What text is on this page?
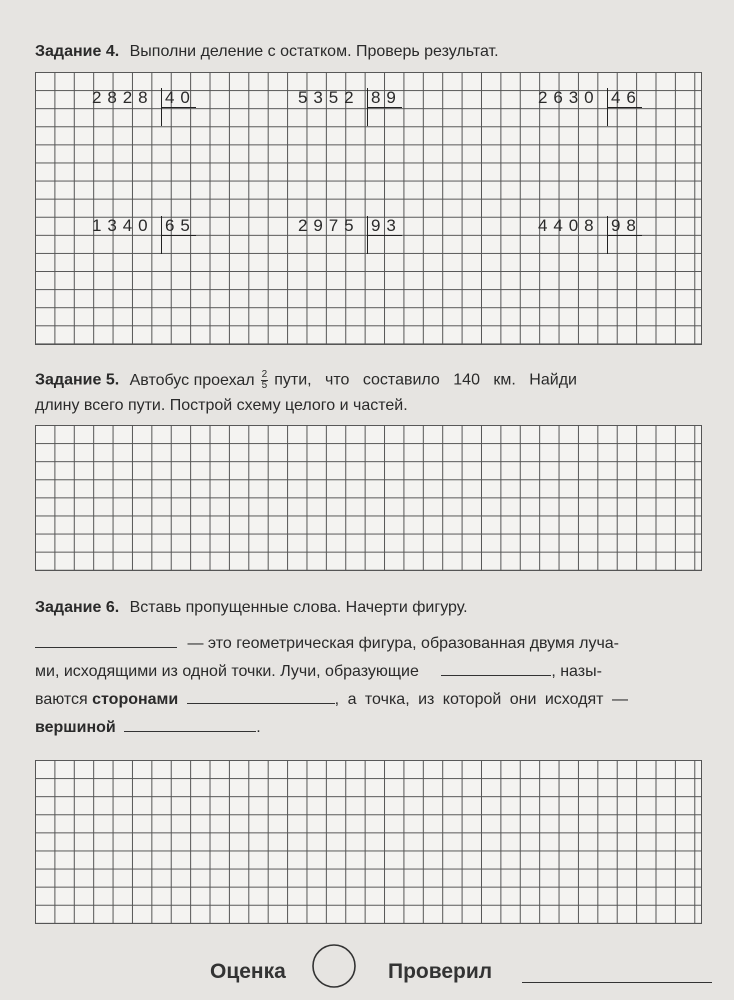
Задание 4. Выполни деление с остатком. Проверь результат.
2828 40	5352 89	2630 46
1340 65	2975 93	4408 98
Задание 5. Автобус проехал $\frac{2}{5}$ пути, что составило 140 км. Найди
длину всего пути. Построй схему целого и частей.
Задание 6. Вставь пропущенные слова. Начерти фигуру.
— это геометрическая фигура, образованная двумя луча-
ми, исходящими из одной точки. Лучи, образующие	, назы-
ваются сторонами	, а точка, из которой они исходят —
вершиной	.
Оценка	Проверил
